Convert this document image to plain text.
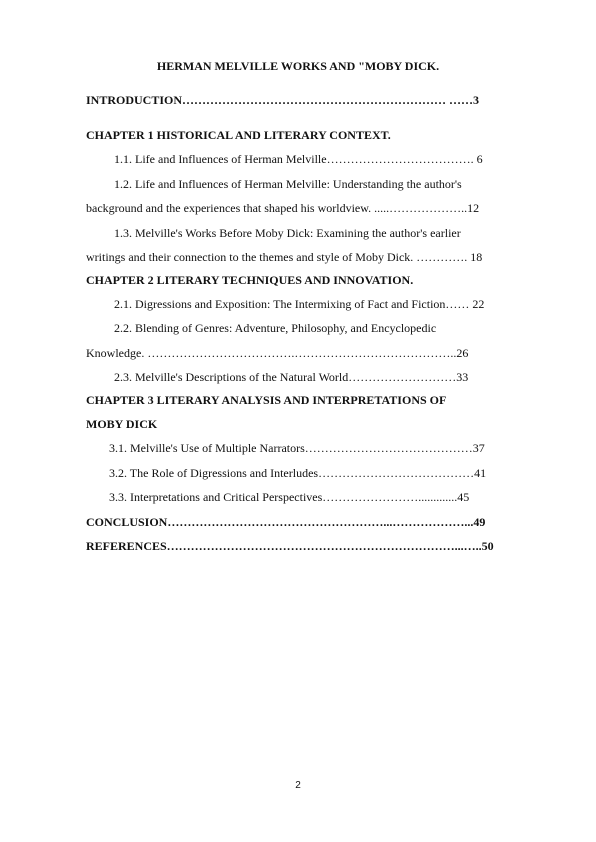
HERMAN MELVILLE WORKS AND "MOBY DICK.
INTRODUCTION………………………………………………………… ……3
CHAPTER 1 HISTORICAL AND LITERARY CONTEXT.
1.1. Life and Influences of Herman Melville………………………………. 6
1.2. Life and Influences of Herman Melville: Understanding the author's
background and the experiences that shaped his worldview. .....………………..12
1.3. Melville's Works Before Moby Dick: Examining the author's earlier
writings and their connection to the themes and style of Moby Dick. …………. 18
CHAPTER 2 LITERARY TECHNIQUES AND INNOVATION.
2.1. Digressions and Exposition: The Intermixing of Fact and Fiction…… 22
2.2. Blending of Genres: Adventure, Philosophy, and Encyclopedic
Knowledge. ……………………………….…………………………………..26
2.3. Melville's Descriptions of the Natural World………………………33
CHAPTER 3 LITERARY ANALYSIS AND INTERPRETATIONS OF
MOBY DICK
3.1. Melville's Use of Multiple Narrators……………………………………37
3.2. The Role of Digressions and Interludes…………………………………41
3.3. Interpretations and Critical Perspectives…………………….............45
CONCLUSION………………………………………………...………………...49
REFERENCES………………………………………………………………...…..50
2
